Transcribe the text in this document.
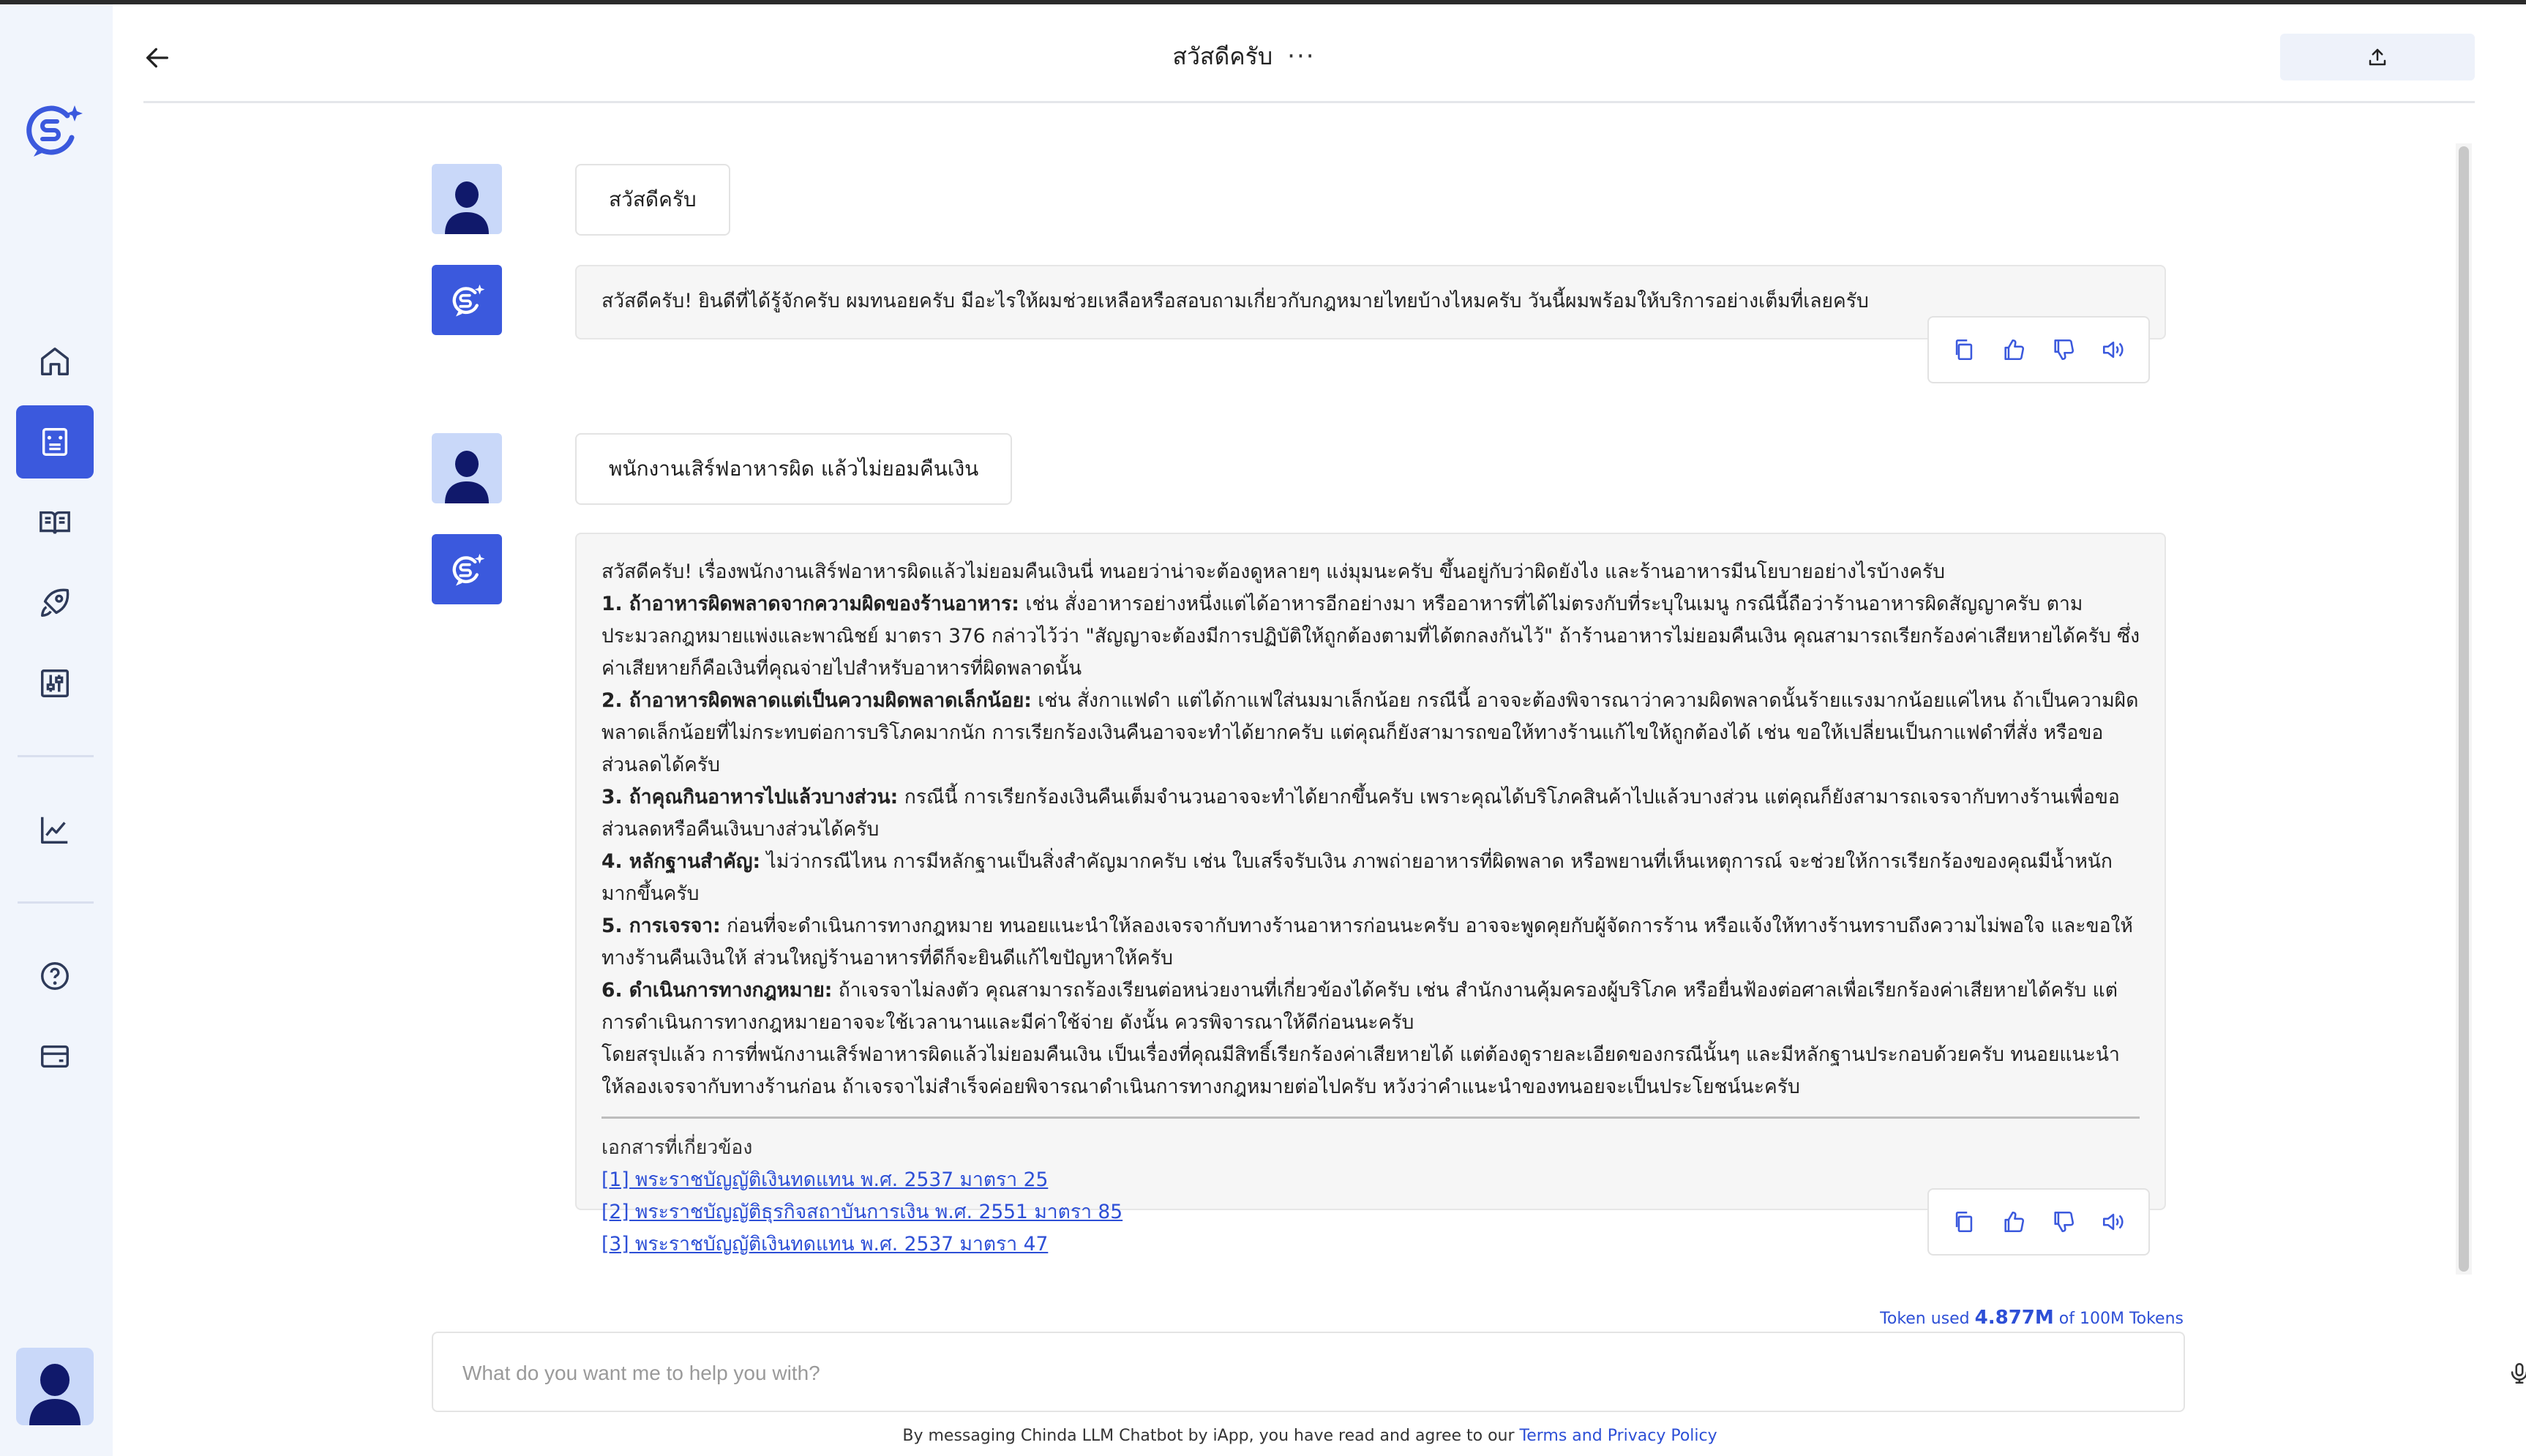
สวัสดีครับ ···
สวัสดีครับ

สวัสดีครับ! ยินดีที่ได้รู้จักครับ ผมทนอยครับ มีอะไรให้ผมช่วยเหลือหรือสอบถามเกี่ยวกับกฎหมายไทยบ้างไหมครับ วันนี้ผมพร้อมให้บริการอย่างเต็มที่เลยครับ

พนักงานเสิร์ฟอาหารผิด แล้วไม่ยอมคืนเงิน

สวัสดีครับ! เรื่องพนักงานเสิร์ฟอาหารผิดแล้วไม่ยอมคืนเงินนี่ ทนอยว่าน่าจะต้องดูหลายๆ แง่มุมนะครับ ขึ้นอยู่กับว่าผิดยังไง และร้านอาหารมีนโยบายอย่างไรบ้างครับ

1. ถ้าอาหารผิดพลาดจากความผิดของร้านอาหาร: เช่น สั่งอาหารอย่างหนึ่งแต่ได้อาหารอีกอย่างมา หรืออาหารที่ได้ไม่ตรงกับที่ระบุในเมนู กรณีนี้ถือว่าร้านอาหารผิดสัญญาครับ ตามประมวลกฎหมายแพ่งและพาณิชย์ มาตรา 376 กล่าวไว้ว่า "สัญญาจะต้องมีการปฏิบัติให้ถูกต้องตามที่ได้ตกลงกันไว้" ถ้าร้านอาหารไม่ยอมคืนเงิน คุณสามารถเรียกร้องค่าเสียหายได้ครับ ซึ่งค่าเสียหายก็คือเงินที่คุณจ่ายไปสำหรับอาหารที่ผิดพลาดนั้น

2. ถ้าอาหารผิดพลาดแต่เป็นความผิดพลาดเล็กน้อย: เช่น สั่งกาแฟดำ แต่ได้กาแฟใส่นมมาเล็กน้อย กรณีนี้ อาจจะต้องพิจารณาว่าความผิดพลาดนั้นร้ายแรงมากน้อยแค่ไหน ถ้าเป็นความผิดพลาดเล็กน้อยที่ไม่กระทบต่อการบริโภคมากนัก การเรียกร้องเงินคืนอาจจะทำได้ยากครับ แต่คุณก็ยังสามารถขอให้ทางร้านแก้ไขให้ถูกต้องได้ เช่น ขอให้เปลี่ยนเป็นกาแฟดำที่สั่ง หรือขอส่วนลดได้ครับ

3. ถ้าคุณกินอาหารไปแล้วบางส่วน: กรณีนี้ การเรียกร้องเงินคืนเต็มจำนวนอาจจะทำได้ยากขึ้นครับ เพราะคุณได้บริโภคสินค้าไปแล้วบางส่วน แต่คุณก็ยังสามารถเจรจากับทางร้านเพื่อขอส่วนลดหรือคืนเงินบางส่วนได้ครับ

4. หลักฐานสำคัญ: ไม่ว่ากรณีไหน การมีหลักฐานเป็นสิ่งสำคัญมากครับ เช่น ใบเสร็จรับเงิน ภาพถ่ายอาหารที่ผิดพลาด หรือพยานที่เห็นเหตุการณ์ จะช่วยให้การเรียกร้องของคุณมีน้ำหนักมากขึ้นครับ

5. การเจรจา: ก่อนที่จะดำเนินการทางกฎหมาย ทนอยแนะนำให้ลองเจรจากับทางร้านอาหารก่อนนะครับ อาจจะพูดคุยกับผู้จัดการร้าน หรือแจ้งให้ทางร้านทราบถึงความไม่พอใจ และขอให้ทางร้านคืนเงินให้ ส่วนใหญ่ร้านอาหารที่ดีก็จะยินดีแก้ไขปัญหาให้ครับ

6. ดำเนินการทางกฎหมาย: ถ้าเจรจาไม่ลงตัว คุณสามารถร้องเรียนต่อหน่วยงานที่เกี่ยวข้องได้ครับ เช่น สำนักงานคุ้มครองผู้บริโภค หรือยื่นฟ้องต่อศาลเพื่อเรียกร้องค่าเสียหายได้ครับ แต่การดำเนินการทางกฎหมายอาจจะใช้เวลานานและมีค่าใช้จ่าย ดังนั้น ควรพิจารณาให้ดีก่อนนะครับ

โดยสรุปแล้ว การที่พนักงานเสิร์ฟอาหารผิดแล้วไม่ยอมคืนเงิน เป็นเรื่องที่คุณมีสิทธิ์เรียกร้องค่าเสียหายได้ แต่ต้องดูรายละเอียดของกรณีนั้นๆ และมีหลักฐานประกอบด้วยครับ ทนอยแนะนำให้ลองเจรจากับทางร้านก่อน ถ้าเจรจาไม่สำเร็จค่อยพิจารณาดำเนินการทางกฎหมายต่อไปครับ หวังว่าคำแนะนำของทนอยจะเป็นประโยชน์นะครับ

เอกสารที่เกี่ยวข้อง

[1] พระราชบัญญัติเงินทดแทน พ.ศ. 2537 มาตรา 25
[2] พระราชบัญญัติธุรกิจสถาบันการเงิน พ.ศ. 2551 มาตรา 85
[3] พระราชบัญญัติเงินทดแทน พ.ศ. 2537 มาตรา 47
Token used 4.877M of 100M Tokens
What do you want me to help you with?
By messaging Chinda LLM Chatbot by iApp, you have read and agree to our Terms and Privacy Policy
